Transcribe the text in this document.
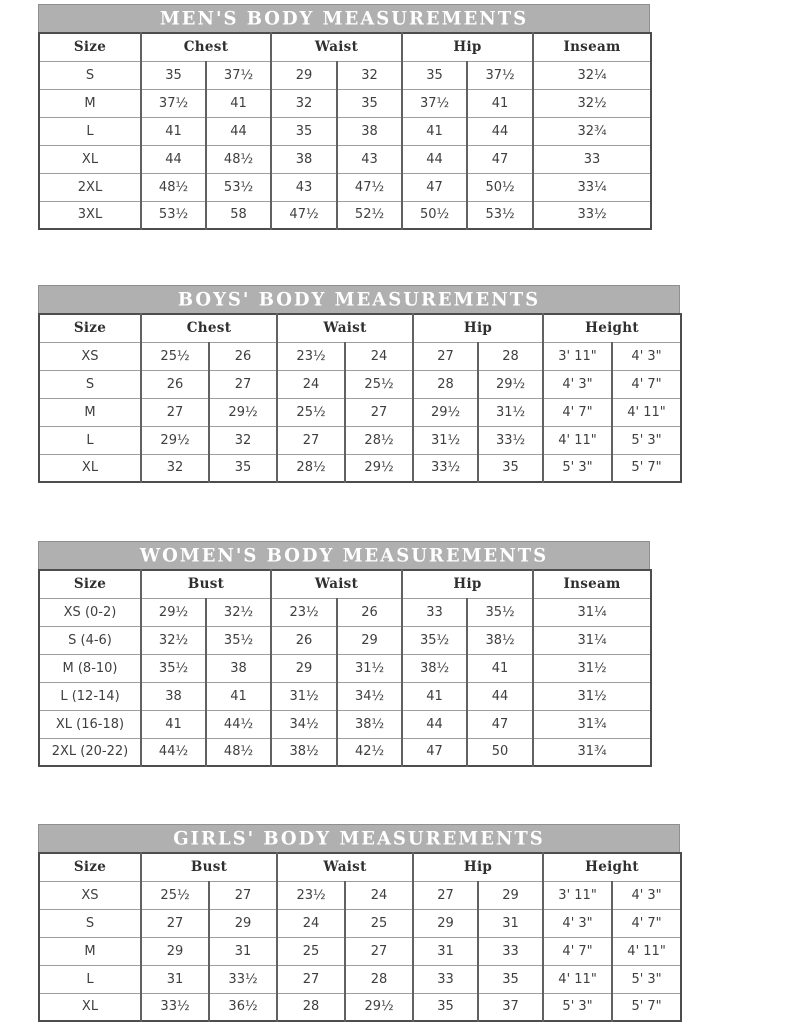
MEN'S BODY MEASUREMENTS
Size	Chest		Waist		Hip		Inseam
S	35	37½	29	32	35	37½	32¼
M	37½	41	32	35	37½	41	32½
L	41	44	35	38	41	44	32¾
XL	44	48½	38	43	44	47	33
2XL	48½	53½	43	47½	47	50½	33¼
3XL	53½	58	47½	52½	50½	53½	33½
BOYS' BODY MEASUREMENTS
Size	Chest		Waist		Hip		Height	
XS	25½	26	23½	24	27	28	3' 11"	4' 3"
S	26	27	24	25½	28	29½	4' 3"	4' 7"
M	27	29½	25½	27	29½	31½	4' 7"	4' 11"
L	29½	32	27	28½	31½	33½	4' 11"	5' 3"
XL	32	35	28½	29½	33½	35	5' 3"	5' 7"
WOMEN'S BODY MEASUREMENTS
Size	Bust		Waist		Hip		Inseam
XS (0-2)	29½	32½	23½	26	33	35½	31¼
S (4-6)	32½	35½	26	29	35½	38½	31¼
M (8-10)	35½	38	29	31½	38½	41	31½
L (12-14)	38	41	31½	34½	41	44	31½
XL (16-18)	41	44½	34½	38½	44	47	31¾
2XL (20-22)	44½	48½	38½	42½	47	50	31¾
GIRLS' BODY MEASUREMENTS
Size	Bust		Waist		Hip		Height	
XS	25½	27	23½	24	27	29	3' 11"	4' 3"
S	27	29	24	25	29	31	4' 3"	4' 7"
M	29	31	25	27	31	33	4' 7"	4' 11"
L	31	33½	27	28	33	35	4' 11"	5' 3"
XL	33½	36½	28	29½	35	37	5' 3"	5' 7"
